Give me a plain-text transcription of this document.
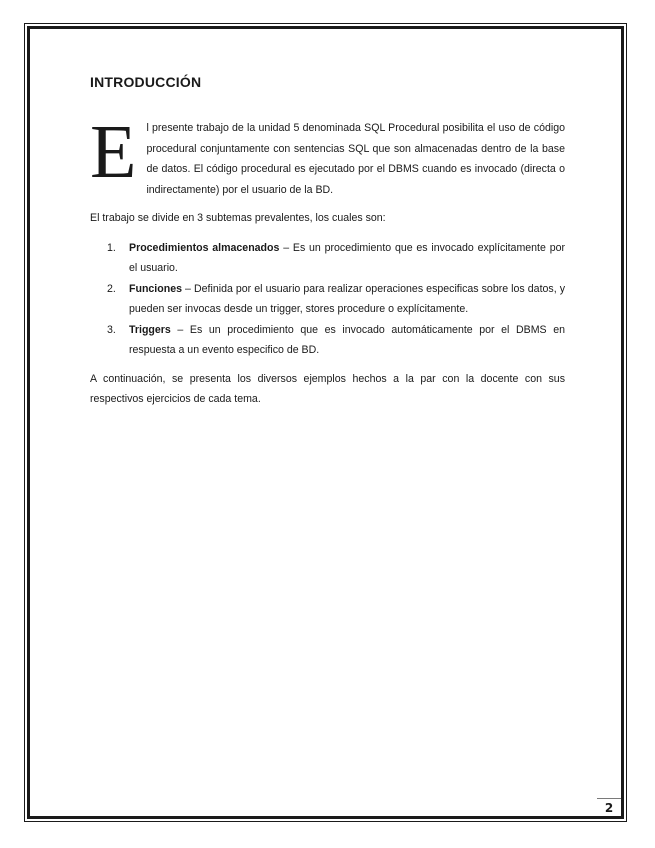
INTRODUCCIÓN

E l presente trabajo de la unidad 5 denominada SQL Procedural posibilita el uso de código procedural conjuntamente con sentencias SQL que son almacenadas dentro de la base de datos. El código procedural es ejecutado por el DBMS cuando es invocado (directa o indirectamente) por el usuario de la BD.

El trabajo se divide en 3 subtemas prevalentes, los cuales son:

1. Procedimientos almacenados – Es un procedimiento que es invocado explícitamente por el usuario.
2. Funciones – Definida por el usuario para realizar operaciones especificas sobre los datos, y pueden ser invocas desde un trigger, stores procedure o explícitamente.
3. Triggers – Es un procedimiento que es invocado automáticamente por el DBMS en respuesta a un evento especifico de BD.

A continuación, se presenta los diversos ejemplos hechos a la par con la docente con sus respectivos ejercicios de cada tema.

2
